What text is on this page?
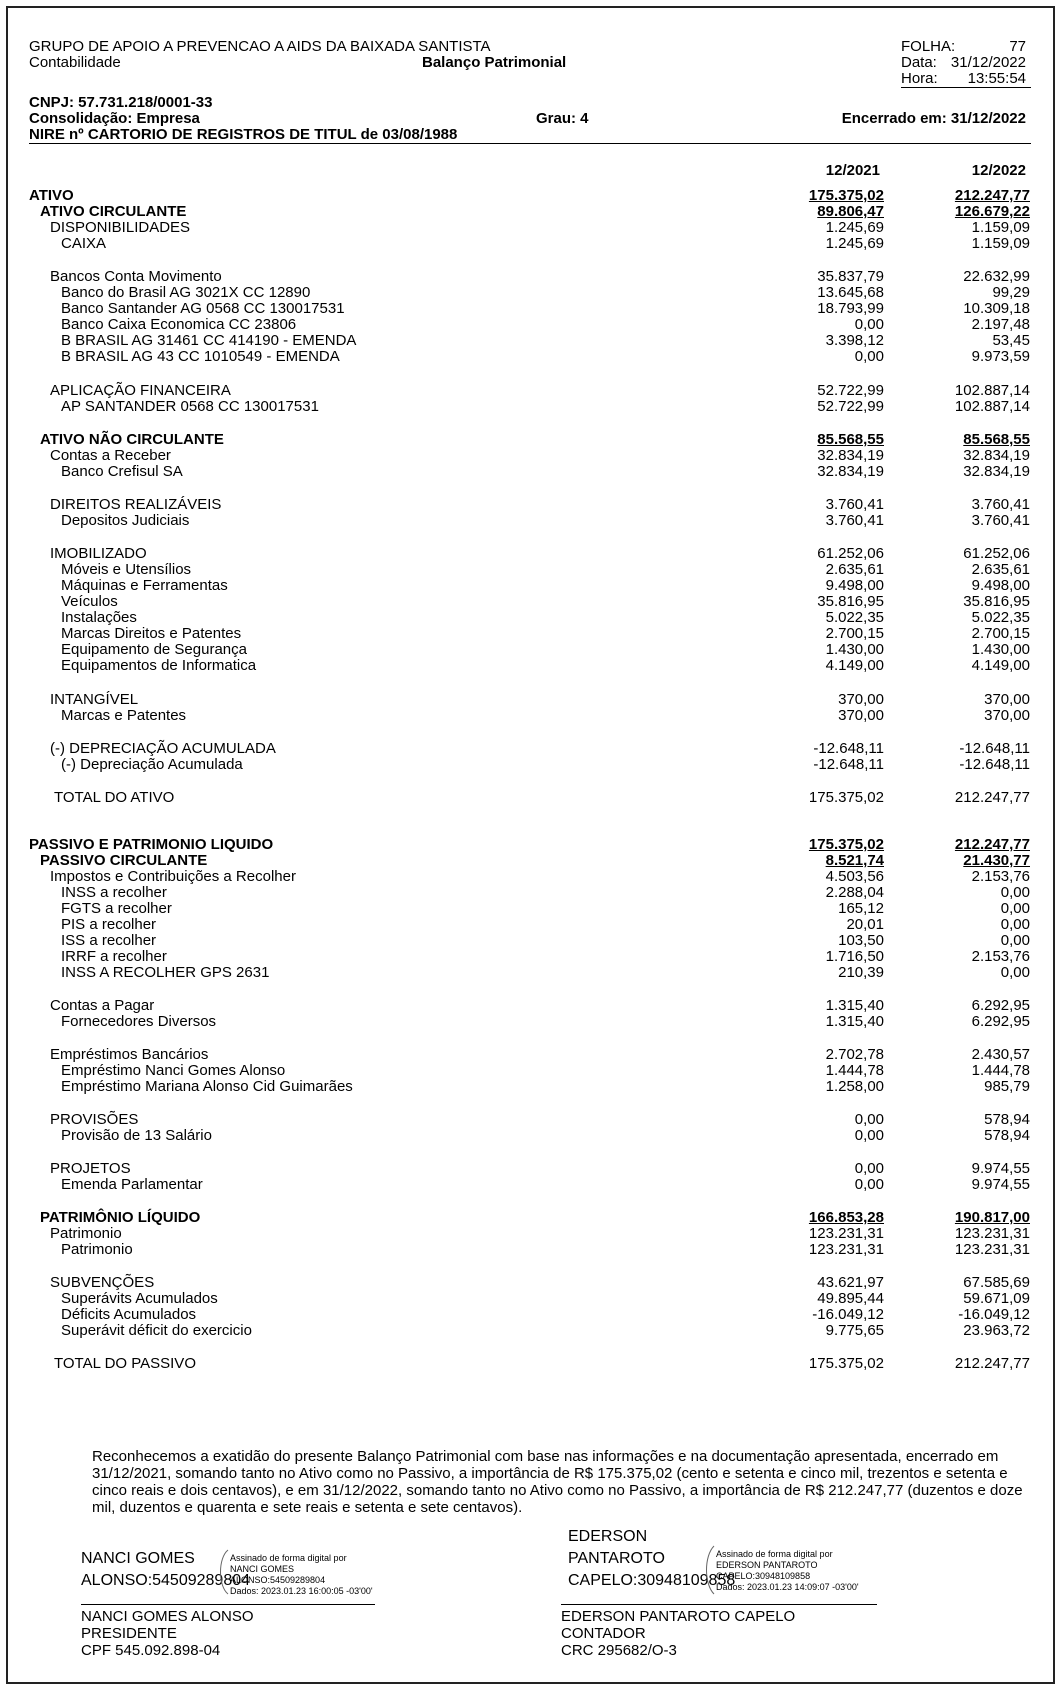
GRUPO DE APOIO A PREVENCAO A AIDS DA BAIXADA SANTISTA
Contabilidade	Balanço Patrimonial
FOLHA:	77
Data: 31/12/2022
Hora: 13:55:54
CNPJ: 57.731.218/0001-33
Consolidação: Empresa	Grau: 4	Encerrado em: 31/12/2022
NIRE nº CARTORIO DE REGISTROS DE TITUL de 03/08/1988
12/2021	12/2022
ATIVO	175.375,02	212.247,77
ATIVO CIRCULANTE	89.806,47	126.679,22
DISPONIBILIDADES	1.245,69	1.159,09
CAIXA	1.245,69	1.159,09
Bancos Conta Movimento	35.837,79	22.632,99
Banco do Brasil AG 3021X CC 12890	13.645,68	99,29
Banco Santander AG 0568 CC 130017531	18.793,99	10.309,18
Banco Caixa Economica CC 23806	0,00	2.197,48
B BRASIL AG 31461 CC 414190 - EMENDA	3.398,12	53,45
B BRASIL AG 43 CC 1010549 - EMENDA	0,00	9.973,59
APLICAÇÃO FINANCEIRA	52.722,99	102.887,14
AP SANTANDER 0568 CC 130017531	52.722,99	102.887,14
ATIVO NÃO CIRCULANTE	85.568,55	85.568,55
Contas a Receber	32.834,19	32.834,19
Banco Crefisul SA	32.834,19	32.834,19
DIREITOS REALIZÁVEIS	3.760,41	3.760,41
Depositos Judiciais	3.760,41	3.760,41
IMOBILIZADO	61.252,06	61.252,06
Móveis e Utensílios	2.635,61	2.635,61
Máquinas e Ferramentas	9.498,00	9.498,00
Veículos	35.816,95	35.816,95
Instalações	5.022,35	5.022,35
Marcas Direitos e Patentes	2.700,15	2.700,15
Equipamento de Segurança	1.430,00	1.430,00
Equipamentos de Informatica	4.149,00	4.149,00
INTANGÍVEL	370,00	370,00
Marcas e Patentes	370,00	370,00
(-) DEPRECIAÇÃO ACUMULADA	-12.648,11	-12.648,11
(-) Depreciação Acumulada	-12.648,11	-12.648,11
TOTAL DO ATIVO	175.375,02	212.247,77
PASSIVO E PATRIMONIO LIQUIDO	175.375,02	212.247,77
PASSIVO CIRCULANTE	8.521,74	21.430,77
Impostos e Contribuições a Recolher	4.503,56	2.153,76
INSS a recolher	2.288,04	0,00
FGTS a recolher	165,12	0,00
PIS a recolher	20,01	0,00
ISS a recolher	103,50	0,00
IRRF a recolher	1.716,50	2.153,76
INSS A RECOLHER GPS 2631	210,39	0,00
Contas a Pagar	1.315,40	6.292,95
Fornecedores Diversos	1.315,40	6.292,95
Empréstimos Bancários	2.702,78	2.430,57
Empréstimo Nanci Gomes Alonso	1.444,78	1.444,78
Empréstimo Mariana Alonso Cid Guimarães	1.258,00	985,79
PROVISÕES	0,00	578,94
Provisão de 13 Salário	0,00	578,94
PROJETOS	0,00	9.974,55
Emenda Parlamentar	0,00	9.974,55
PATRIMÔNIO LÍQUIDO	166.853,28	190.817,00
Patrimonio	123.231,31	123.231,31
Patrimonio	123.231,31	123.231,31
SUBVENÇÕES	43.621,97	67.585,69
Superávits Acumulados	49.895,44	59.671,09
Déficits Acumulados	-16.049,12	-16.049,12
Superávit déficit do exercicio	9.775,65	23.963,72
TOTAL DO PASSIVO	175.375,02	212.247,77
Reconhecemos a exatidão do presente Balanço Patrimonial com base nas informações e na documentação apresentada, encerrado em 31/12/2021, somando tanto no Ativo como no Passivo, a importância de R$ 175.375,02 (cento e setenta e cinco mil, trezentos e setenta e cinco reais e dois centavos), e em 31/12/2022, somando tanto no Ativo como no Passivo, a importância de R$ 212.247,77 (duzentos e doze mil, duzentos e quarenta e sete reais e setenta e sete centavos).
NANCI GOMES
ALONSO:54509289804
Assinado de forma digital por
NANCI GOMES
ALONSO:54509289804
Dados: 2023.01.23 16:00:05 -03'00'
NANCI GOMES ALONSO
PRESIDENTE
CPF 545.092.898-04
EDERSON
PANTAROTO
CAPELO:30948109858
Assinado de forma digital por
EDERSON PANTAROTO
CAPELO:30948109858
Dados: 2023.01.23 14:09:07 -03'00'
EDERSON PANTAROTO CAPELO
CONTADOR
CRC 295682/O-3
